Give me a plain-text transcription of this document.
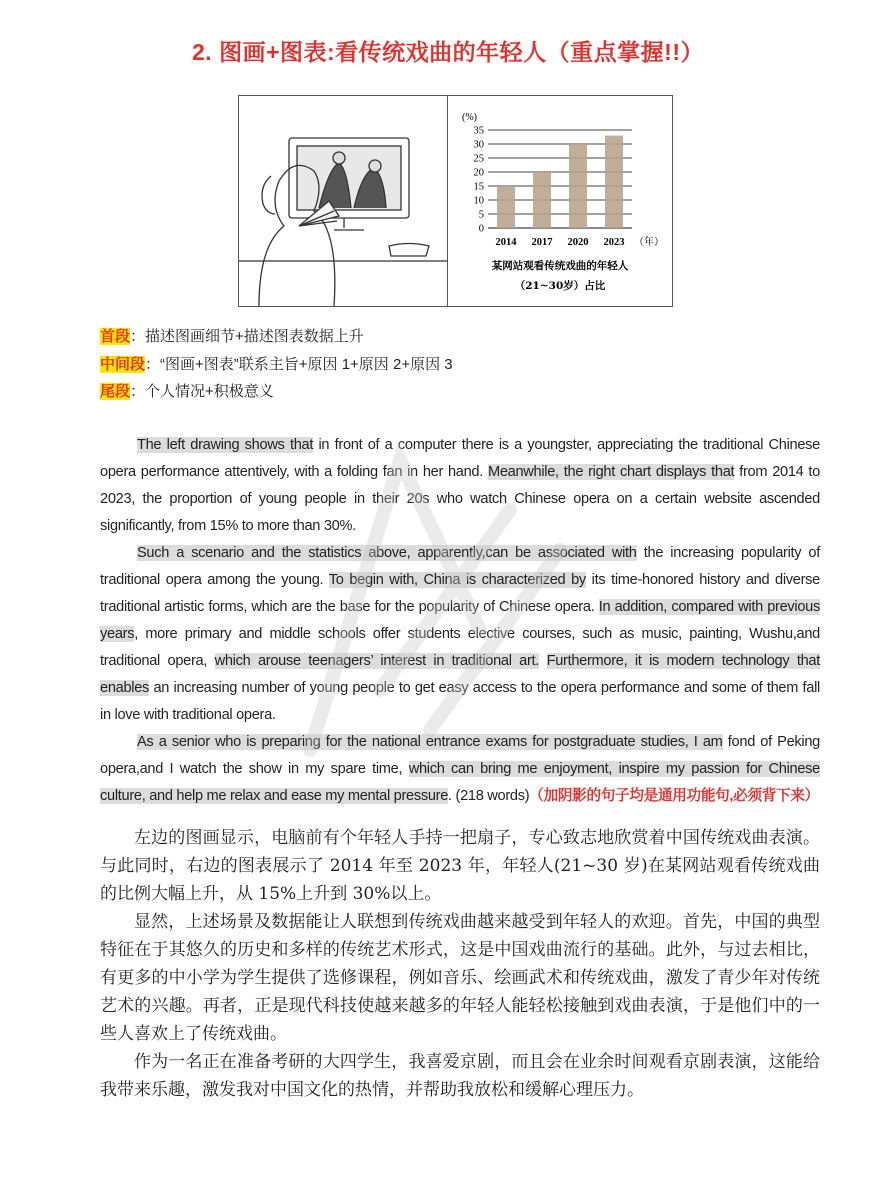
2. 图画+图表:看传统戏曲的年轻人（重点掌握!!）
(%)
0
5
10
15
20
25
30
35
2014 2017 2020 2023 （年）
某网站观看传统戏曲的年轻人
（21~30岁）占比
首段：描述图画细节+描述图表数据上升
中间段：“图画+图表”联系主旨+原因 1+原因 2+原因 3
尾段：个人情况+积极意义

The left drawing shows that in front of a computer there is a youngster, appreciating the traditional Chinese opera performance attentively, with a folding fan in her hand. Meanwhile, the right chart displays that from 2014 to 2023, the proportion of young people in their 20s who watch Chinese opera on a certain website ascended significantly, from 15% to more than 30%.

Such a scenario and the statistics above, apparently,can be associated with the increasing popularity of traditional opera among the young. To begin with, China is characterized by its time-honored history and diverse traditional artistic forms, which are the base for the popularity of Chinese opera. In addition, compared with previous years, more primary and middle schools offer students elective courses, such as music, painting, Wushu,and traditional opera, which arouse teenagers’ interest in traditional art. Furthermore, it is modern technology that enables an increasing number of young people to get easy access to the opera performance and some of them fall in love with traditional opera.

As a senior who is preparing for the national entrance exams for postgraduate studies, I am fond of Peking opera,and I watch the show in my spare time, which can bring me enjoyment, inspire my passion for Chinese culture, and help me relax and ease my mental pressure. (218 words)（加阴影的句子均是通用功能句,必须背下来）

左边的图画显示，电脑前有个年轻人手持一把扇子，专心致志地欣赏着中国传统戏曲表演。与此同时，右边的图表展示了 2014 年至 2023 年，年轻人(21~30 岁)在某网站观看传统戏曲的比例大幅上升，从 15%上升到 30%以上。

显然，上述场景及数据能让人联想到传统戏曲越来越受到年轻人的欢迎。首先，中国的典型特征在于其悠久的历史和多样的传统艺术形式，这是中国戏曲流行的基础。此外，与过去相比，有更多的中小学为学生提供了选修课程，例如音乐、绘画武术和传统戏曲，激发了青少年对传统艺术的兴趣。再者，正是现代科技使越来越多的年轻人能轻松接触到戏曲表演，于是他们中的一些人喜欢上了传统戏曲。

作为一名正在准备考研的大四学生，我喜爱京剧，而且会在业余时间观看京剧表演，这能给我带来乐趣，激发我对中国文化的热情，并帮助我放松和缓解心理压力。
